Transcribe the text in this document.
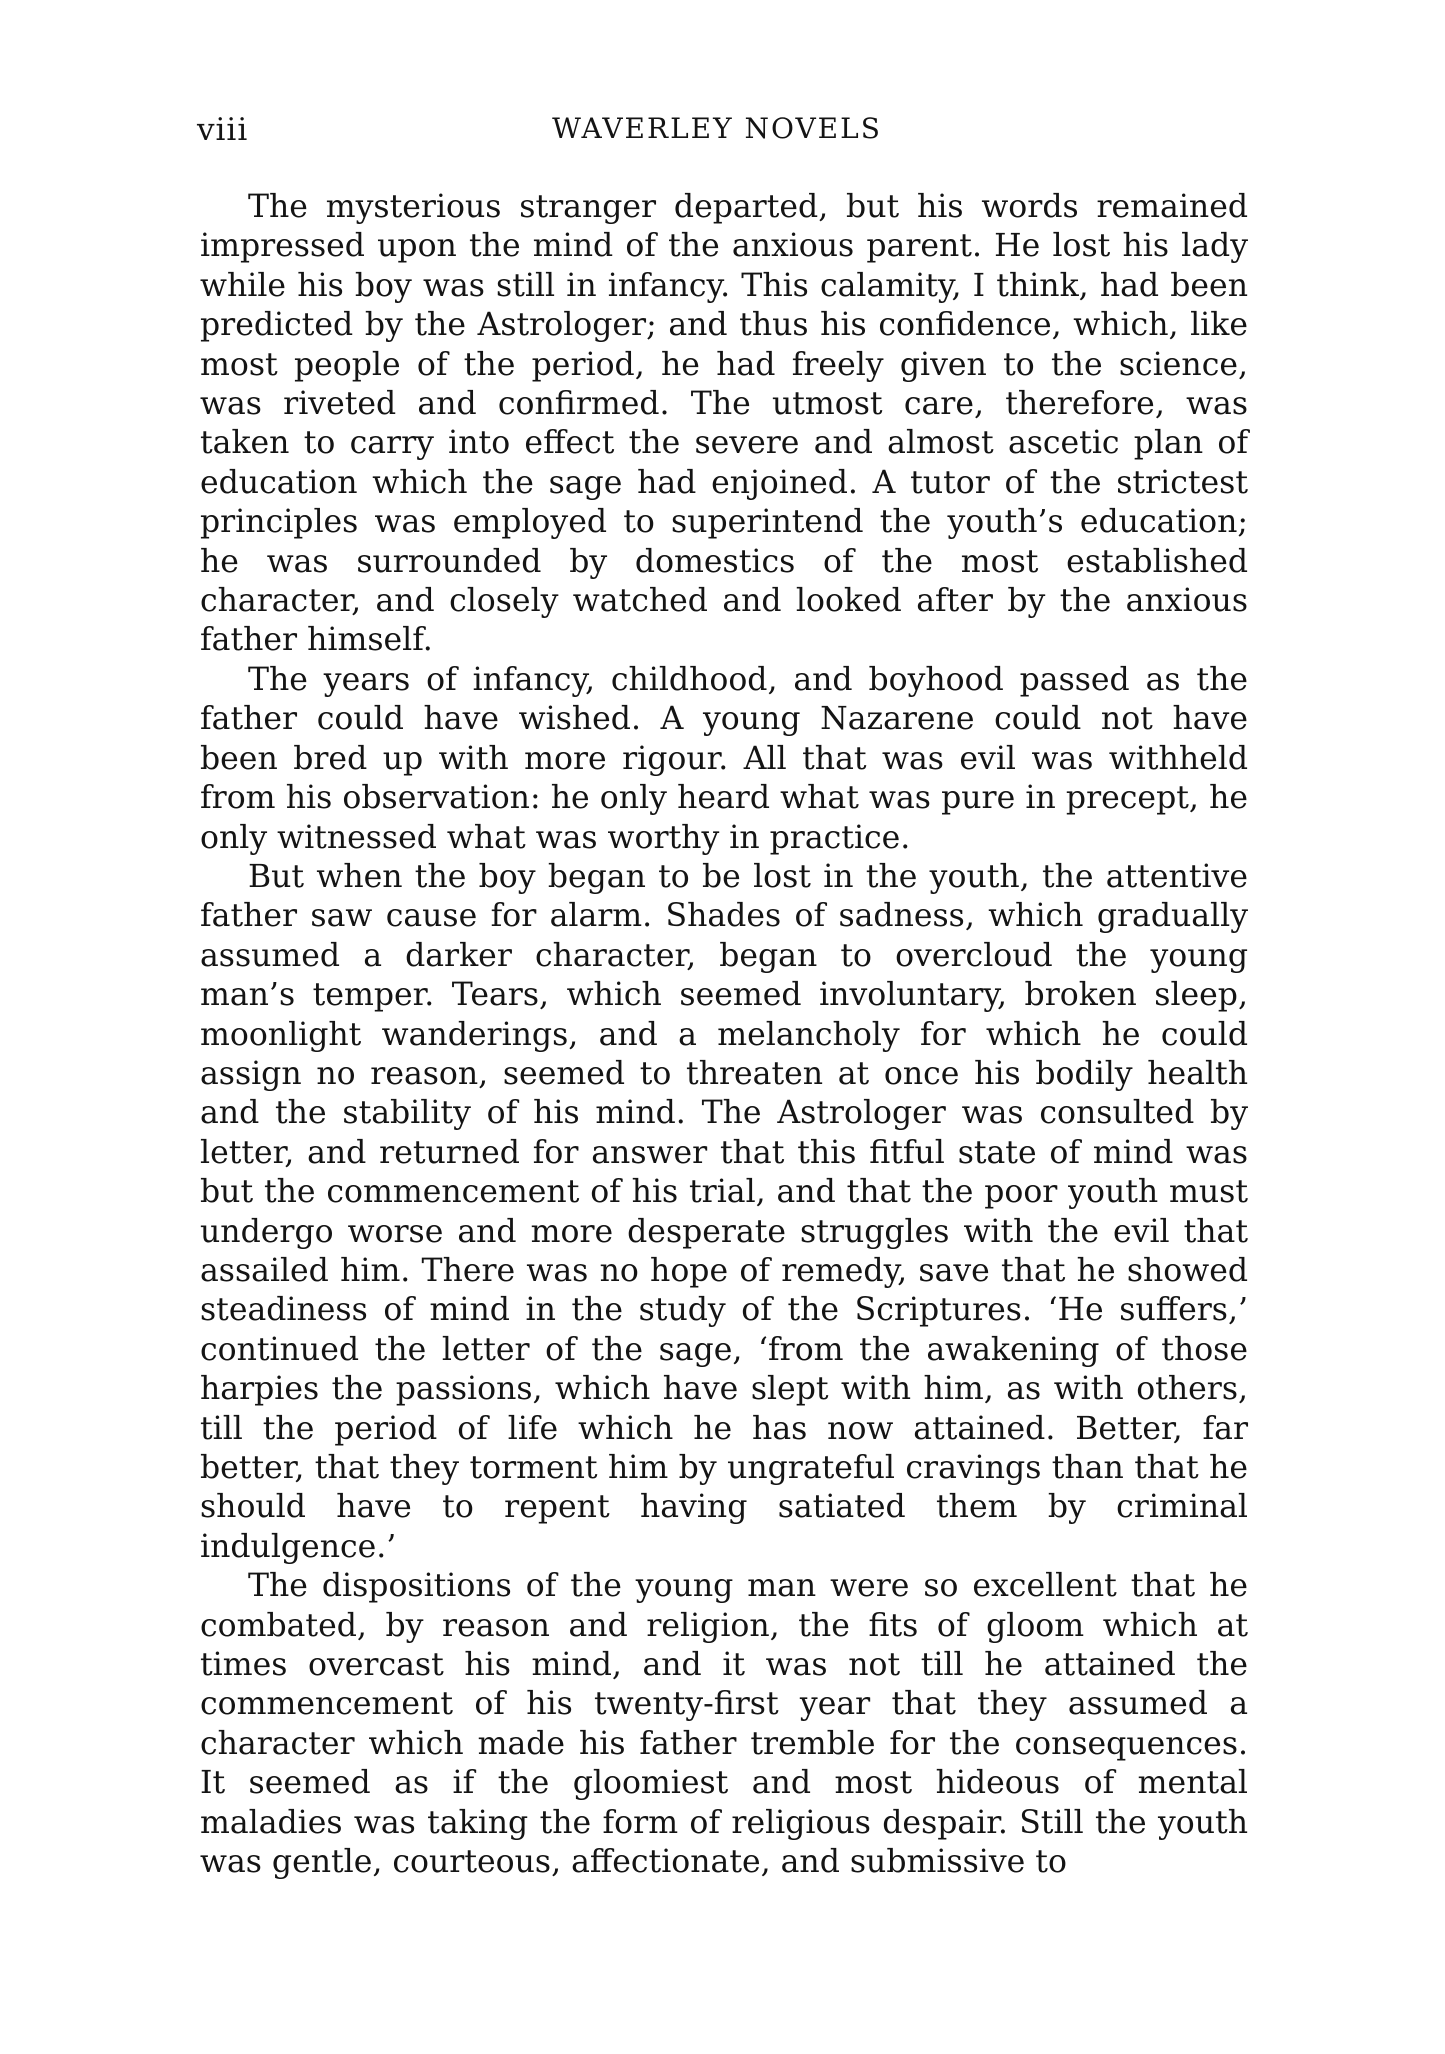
viii	WAVERLEY NOVELS

The mysterious stranger departed, but his words remained impressed upon the mind of the anxious parent. He lost his lady while his boy was still in infancy. This calamity, I think, had been predicted by the Astrologer; and thus his confidence, which, like most people of the period, he had freely given to the science, was riveted and confirmed. The utmost care, therefore, was taken to carry into effect the severe and almost ascetic plan of education which the sage had enjoined. A tutor of the strictest principles was employed to superintend the youth’s education; he was surrounded by domestics of the most established character, and closely watched and looked after by the anxious father himself.

The years of infancy, childhood, and boyhood passed as the father could have wished. A young Nazarene could not have been bred up with more rigour. All that was evil was withheld from his observation: he only heard what was pure in precept, he only witnessed what was worthy in practice.

But when the boy began to be lost in the youth, the attentive father saw cause for alarm. Shades of sadness, which gradually assumed a darker character, began to overcloud the young man’s temper. Tears, which seemed involuntary, broken sleep, moonlight wanderings, and a melancholy for which he could assign no reason, seemed to threaten at once his bodily health and the stability of his mind. The Astrologer was consulted by letter, and returned for answer that this fitful state of mind was but the commencement of his trial, and that the poor youth must undergo worse and more desperate struggles with the evil that assailed him. There was no hope of remedy, save that he showed steadiness of mind in the study of the Scriptures. ‘He suffers,’ continued the letter of the sage, ‘from the awakening of those harpies the passions, which have slept with him, as with others, till the period of life which he has now attained. Better, far better, that they torment him by ungrateful cravings than that he should have to repent having satiated them by criminal indulgence.’

The dispositions of the young man were so excellent that he combated, by reason and religion, the fits of gloom which at times overcast his mind, and it was not till he attained the commencement of his twenty-first year that they assumed a character which made his father tremble for the consequences. It seemed as if the gloomiest and most hideous of mental maladies was taking the form of religious despair. Still the youth was gentle, courteous, affectionate, and submissive to
